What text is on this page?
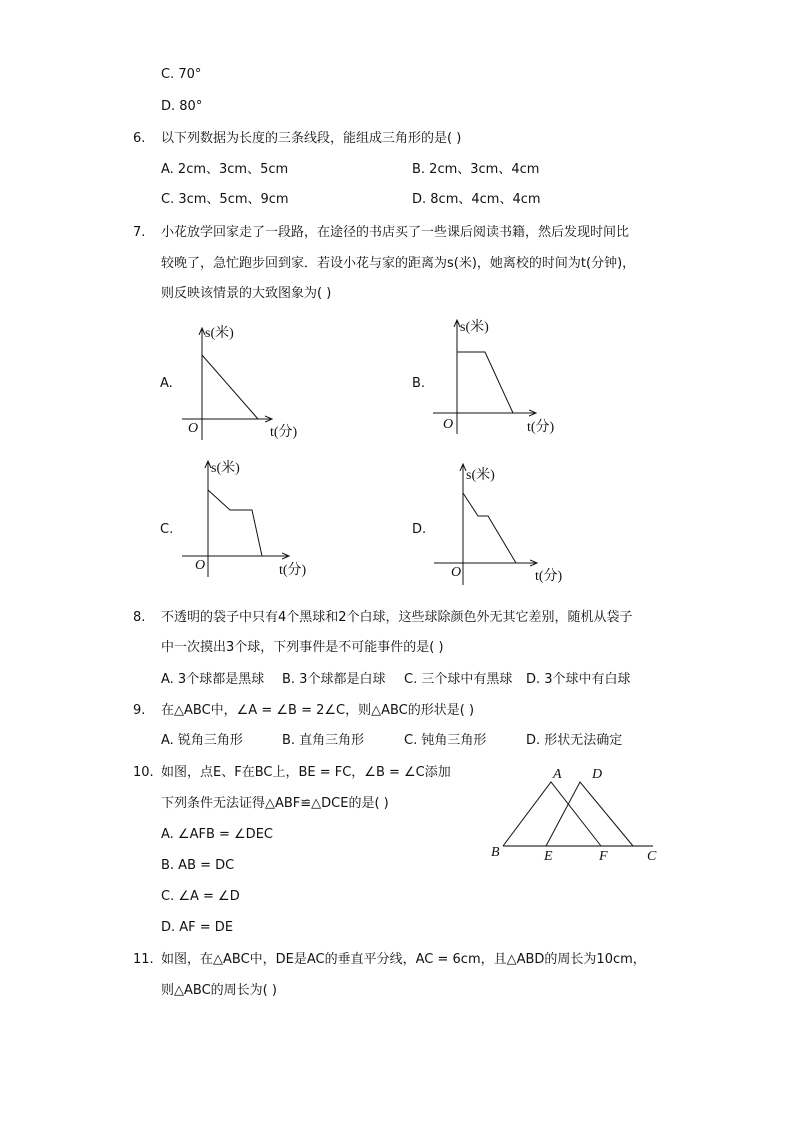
C. 70°
D. 80°
6. 以下列数据为长度的三条线段，能组成三角形的是( )
A. 2cm、3cm、5cm	B. 2cm、3cm、4cm
C. 3cm、5cm、9cm	D. 8cm、4cm、4cm
7. 小花放学回家走了一段路，在途径的书店买了一些课后阅读书籍，然后发现时间比
较晚了，急忙跑步回到家．若设小花与家的距离为s(米)，她离校的时间为t(分钟)，
则反映该情景的大致图象为( )
A.
s(米)
O	t(分)
B.
s(米)
O	t(分)
C.
s(米)
O	t(分)
D.
s(米)
O	t(分)
A D
B	E	F	C
8. 不透明的袋子中只有4个黑球和2个白球，这些球除颜色外无其它差别，随机从袋子
中一次摸出3个球，下列事件是不可能事件的是( )
A. 3个球都是黑球 B. 3个球都是白球 C. 三个球中有黑球 D. 3个球中有白球
9. 在△ABC中，∠A = ∠B = 2∠C，则△ABC的形状是( )
A. 锐角三角形	B. 直角三角形	C. 钝角三角形	D. 形状无法确定
10. 如图，点E、F在BC上，BE = FC，∠B = ∠C添加
下列条件无法证得△ABF≌△DCE的是( )
A. ∠AFB = ∠DEC
B. AB = DC
C. ∠A = ∠D
D. AF = DE
11. 如图，在△ABC中，DE是AC的垂直平分线，AC = 6cm，且△ABD的周长为10cm，
则△ABC的周长为( )
